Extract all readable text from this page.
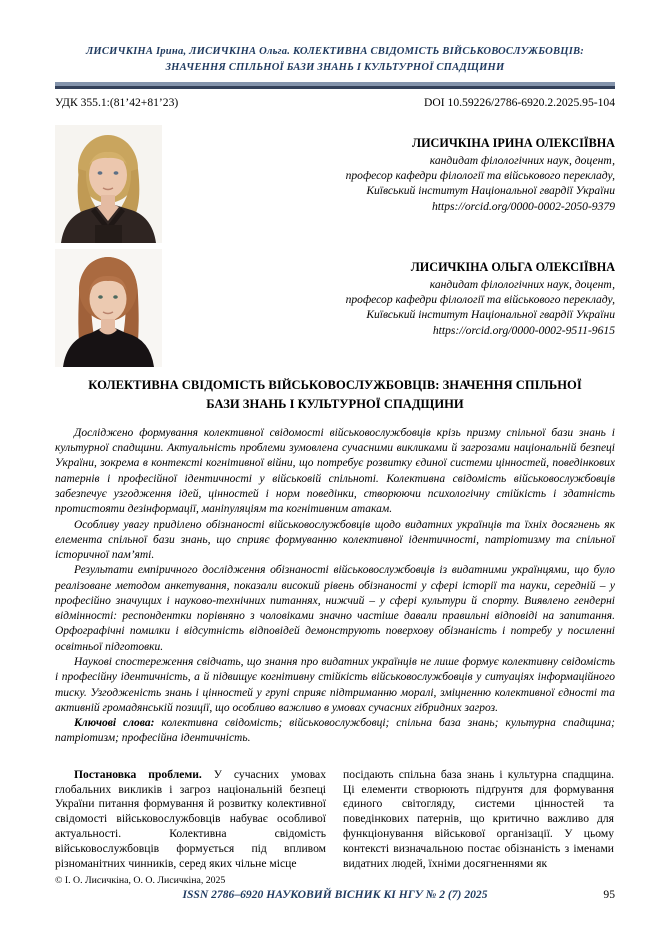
ЛИСИЧКІНА Ірина, ЛИСИЧКІНА Ольга. КОЛЕКТИВНА СВІДОМІСТЬ ВІЙСЬКОВОСЛУЖБОВЦІВ:
ЗНАЧЕННЯ СПІЛЬНОЇ БАЗИ ЗНАНЬ І КУЛЬТУРНОЇ СПАДЩИНИ
УДК 355.1:(81’42+81’23)	DOI 10.59226/2786-6920.2.2025.95-104
ЛИСИЧКІНА ІРИНА ОЛЕКСІЇВНА
кандидат філологічних наук, доцент,
професор кафедри філології та військового перекладу,
Київський інститут Національної гвардії України
https://orcid.org/0000-0002-2050-9379
ЛИСИЧКІНА ОЛЬГА ОЛЕКСІЇВНА
кандидат філологічних наук, доцент,
професор кафедри філології та військового перекладу,
Київський інститут Національної гвардії України
https://orcid.org/0000-0002-9511-9615
КОЛЕКТИВНА СВІДОМІСТЬ ВІЙСЬКОВОСЛУЖБОВЦІВ: ЗНАЧЕННЯ СПІЛЬНОЇ
БАЗИ ЗНАНЬ І КУЛЬТУРНОЇ СПАДЩИНИ

Досліджено формування колективної свідомості військовослужбовців крізь призму спільної бази знань і культурної спадщини. Актуальність проблеми зумовлена сучасними викликами й загрозами національній безпеці України, зокрема в контексті когнітивної війни, що потребує розвитку єдиної системи цінностей, поведінкових патернів і професійної ідентичності у військовій спільноті. Колективна свідомість військовослужбовців забезпечує узгодження ідей, цінностей і норм поведінки, створюючи психологічну стійкість і здатність протистояти дезінформації, маніпуляціям та когнітивним атакам.

Особливу увагу приділено обізнаності військовослужбовців щодо видатних українців та їхніх досягнень як елемента спільної бази знань, що сприяє формуванню колективної ідентичності, патріотизму та спільної історичної пам’яті.

Результати емпіричного дослідження обізнаності військовослужбовців із видатними українцями, що було реалізоване методом анкетування, показали високий рівень обізнаності у сфері історії та науки, середній – у професійно значущих і науково-технічних питаннях, нижчий – у сфері культури й спорту. Виявлено гендерні відмінності: респондентки порівняно з чоловіками значно частіше давали правильні відповіді на запитання. Орфографічні помилки і відсутність відповідей демонструють поверхову обізнаність і потребу у посиленні освітньої підготовки.

Наукові спостереження свідчать, що знання про видатних українців не лише формує колективну свідомість і професійну ідентичність, а й підвищує когнітивну стійкість військовослужбовців у ситуаціях інформаційного тиску. Узгодженість знань і цінностей у групі сприяє підтриманню моралі, зміцненню колективної єдності та активній громадянській позиції, що особливо важливо в умовах сучасних гібридних загроз.

Ключові слова: колективна свідомість; військовослужбовці; спільна база знань; культурна спадщина; патріотизм; професійна ідентичність.

Постановка проблеми. У сучасних умовах глобальних викликів і загроз національній безпеці України питання формування й розвитку колективної свідомості військовослужбовців набуває особливої актуальності. Колективна свідомість військовослужбовців формується під впливом різноманітних чинників, серед яких чільне місце

посідають спільна база знань і культурна спадщина. Ці елементи створюють підґрунтя для формування єдиного світогляду, системи цінностей та поведінкових патернів, що критично важливо для функціонування військової організації. У цьому контексті визначальною постає обізнаність з іменами видатних людей, їхніми досягненнями як

© І. О. Лисичкіна, О. О. Лисичкіна, 2025
ISSN 2786–6920 НАУКОВИЙ ВІСНИК КІ НГУ № 2 (7) 2025	95
